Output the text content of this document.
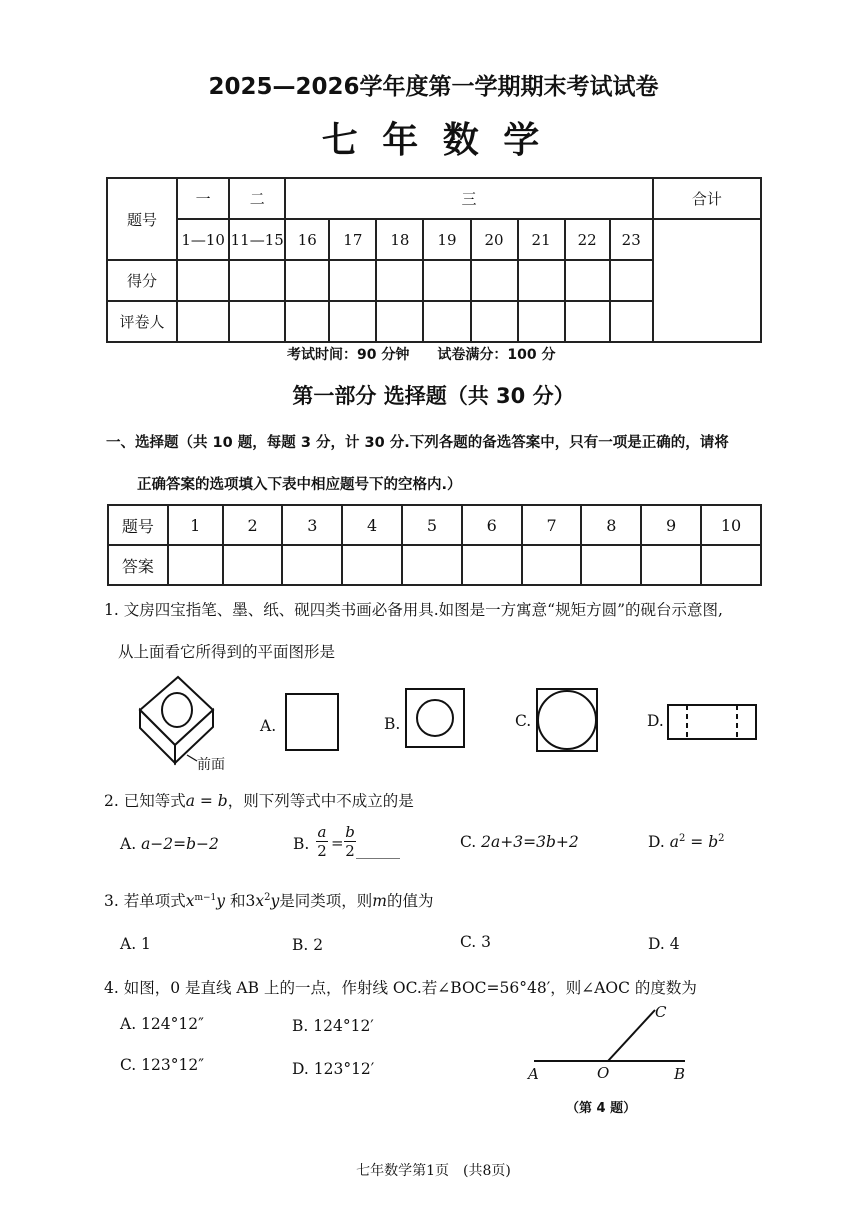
2025—2026学年度第一学期期末考试试卷
七 年 数 学
题号	一	二	三								合计
	1—10	11—15	16	17	18	19	20	21	22	23	
得分											
评卷人											
考试时间：90 分钟　　试卷满分：100 分
第一部分 选择题（共 30 分）
一、选择题（共 10 题，每题 3 分，计 30 分.下列各题的备选答案中，只有一项是正确的，请将
正确答案的选项填入下表中相应题号下的空格内.）
题号	1	2	3	4	5	6	7	8	9	10
答案										
1. 文房四宝指笔、墨、纸、砚四类书画必备用具.如图是一方寓意“规矩方圆”的砚台示意图,
从上面看它所得到的平面图形是
前面
A.	B.	C.	D.
2. 已知等式a = b，则下列等式中不成立的是
A. a−2=b−2	B.
a
2 =
b
2	C. 2a+3=3b+2	D. $a^2 = b^2$
3. 若单项式$x^{m-1}y$ 和$3x^2y$是同类项，则m的值为
A. 1	B. 2	C. 3	D. 4
4. 如图，0 是直线 AB 上的一点，作射线 OC.若∠BOC=56°48′，则∠AOC 的度数为
A. 124°12″	B. 124°12′
C. 123°12″	D. 123°12′	A	O	B
C
（第 4 题）
七年数学第1页　(共8页)
